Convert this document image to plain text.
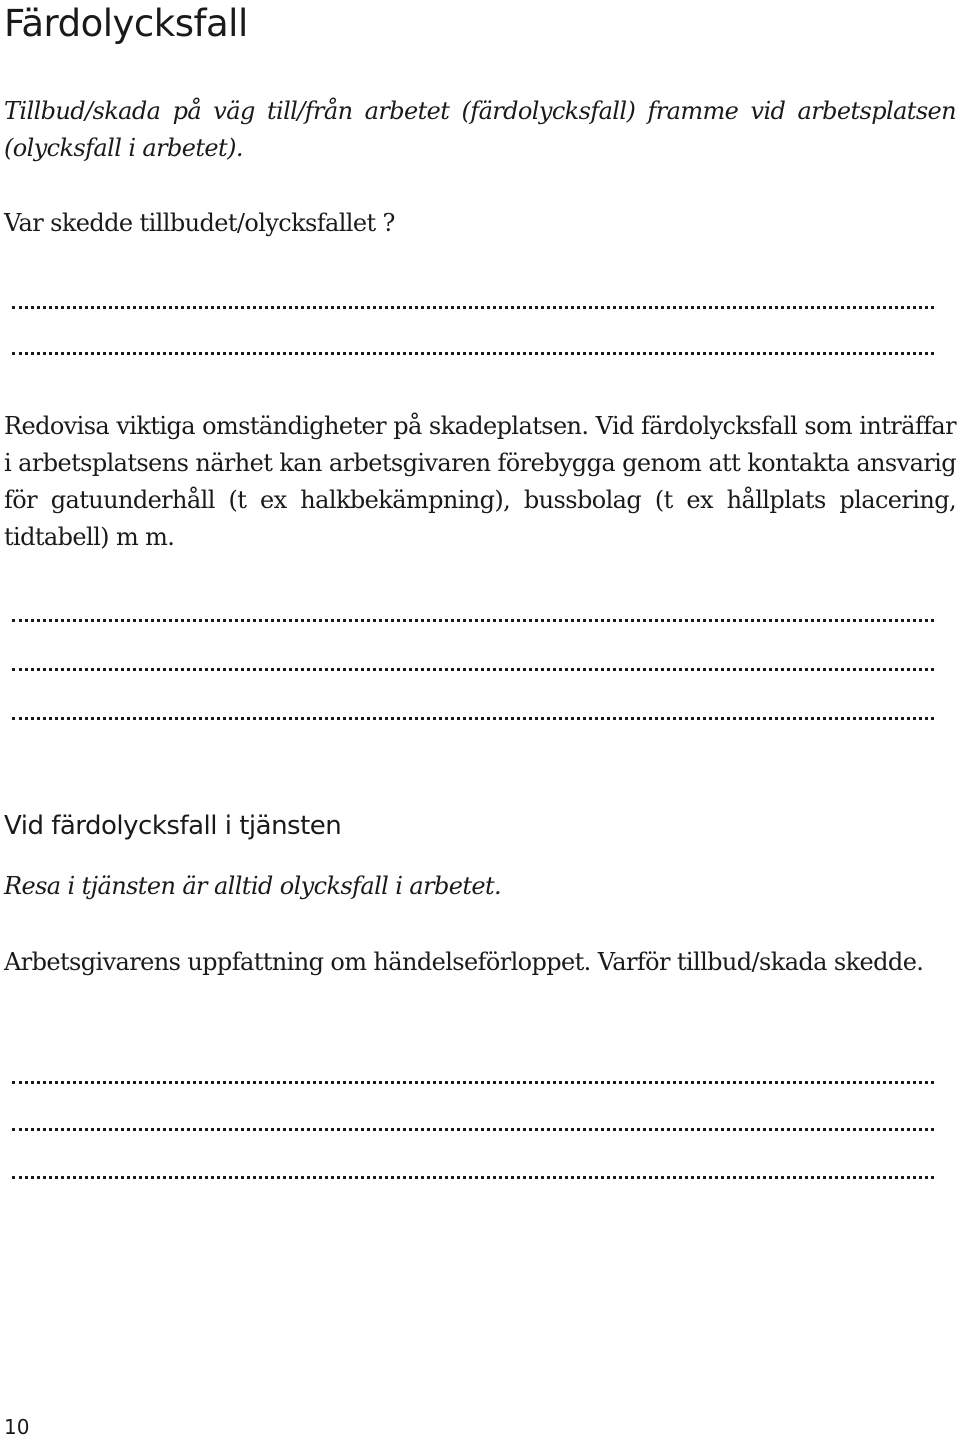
Färdolycksfall

Tillbud/skada på väg till/från arbetet (färdolycksfall) framme vid arbetsplatsen (olycksfall i arbetet).

Var skedde tillbudet/olycksfallet ?

Redovisa viktiga omständigheter på skadeplatsen. Vid färdolycksfall som inträffar i arbetsplatsens närhet kan arbetsgivaren förebygga genom att kontakta ansvarig för gatuunderhåll (t ex halkbekämpning), bussbolag (t ex hållplats placering, tidtabell) m m.

Vid färdolycksfall i tjänsten

Resa i tjänsten är alltid olycksfall i arbetet.

Arbetsgivarens uppfattning om händelseförloppet. Varför tillbud/skada skedde.

10
